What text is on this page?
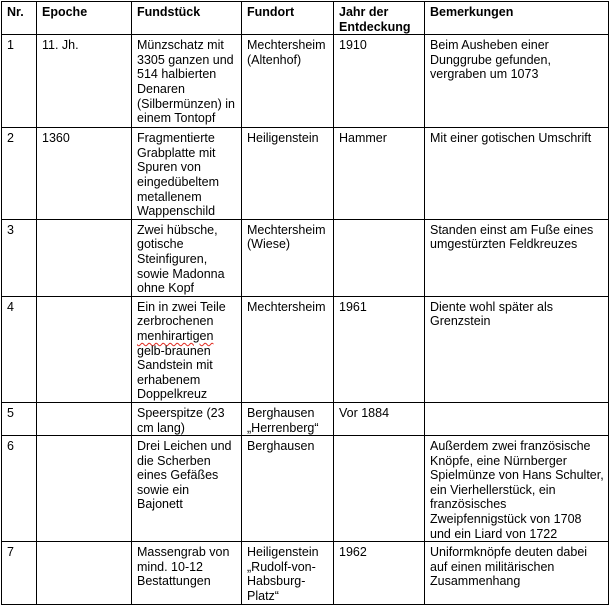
Nr.	Epoche	Fundstück	Fundort	Jahr der Entdeckung	Bemerkungen
1	11. Jh.	Münzschatz mit 3305 ganzen und 514 halbierten Denaren (Silbermünzen) in einem Tontopf	Mechtersheim (Altenhof)	1910	Beim Ausheben einer Dunggrube gefunden, vergraben um 1073
2	1360	Fragmentierte Grabplatte mit Spuren von eingedübeltem metallenem Wappenschild	Heiligenstein	Hammer	Mit einer gotischen Umschrift
3		Zwei hübsche, gotische Steinfiguren, sowie Madonna ohne Kopf	Mechtersheim (Wiese)		Standen einst am Fuße eines umgestürzten Feldkreuzes
4		Ein in zwei Teile zerbrochenen menhirartigen gelb-braunen Sandstein mit erhabenem Doppelkreuz	Mechtersheim	1961	Diente wohl später als Grenzstein
5		Speerspitze (23 cm lang)	Berghausen „Herrenberg“	Vor 1884	
6		Drei Leichen und die Scherben eines Gefäßes sowie ein Bajonett	Berghausen		Außerdem zwei französische Knöpfe, eine Nürnberger Spielmünze von Hans Schulter, ein Vierhellerstück, ein französisches Zweipfennigstück von 1708 und ein Liard von 1722
7		Massengrab von mind. 10-12 Bestattungen	Heiligenstein „Rudolf-von-Habsburg-Platz“	1962	Uniformknöpfe deuten dabei auf einen militärischen Zusammenhang
